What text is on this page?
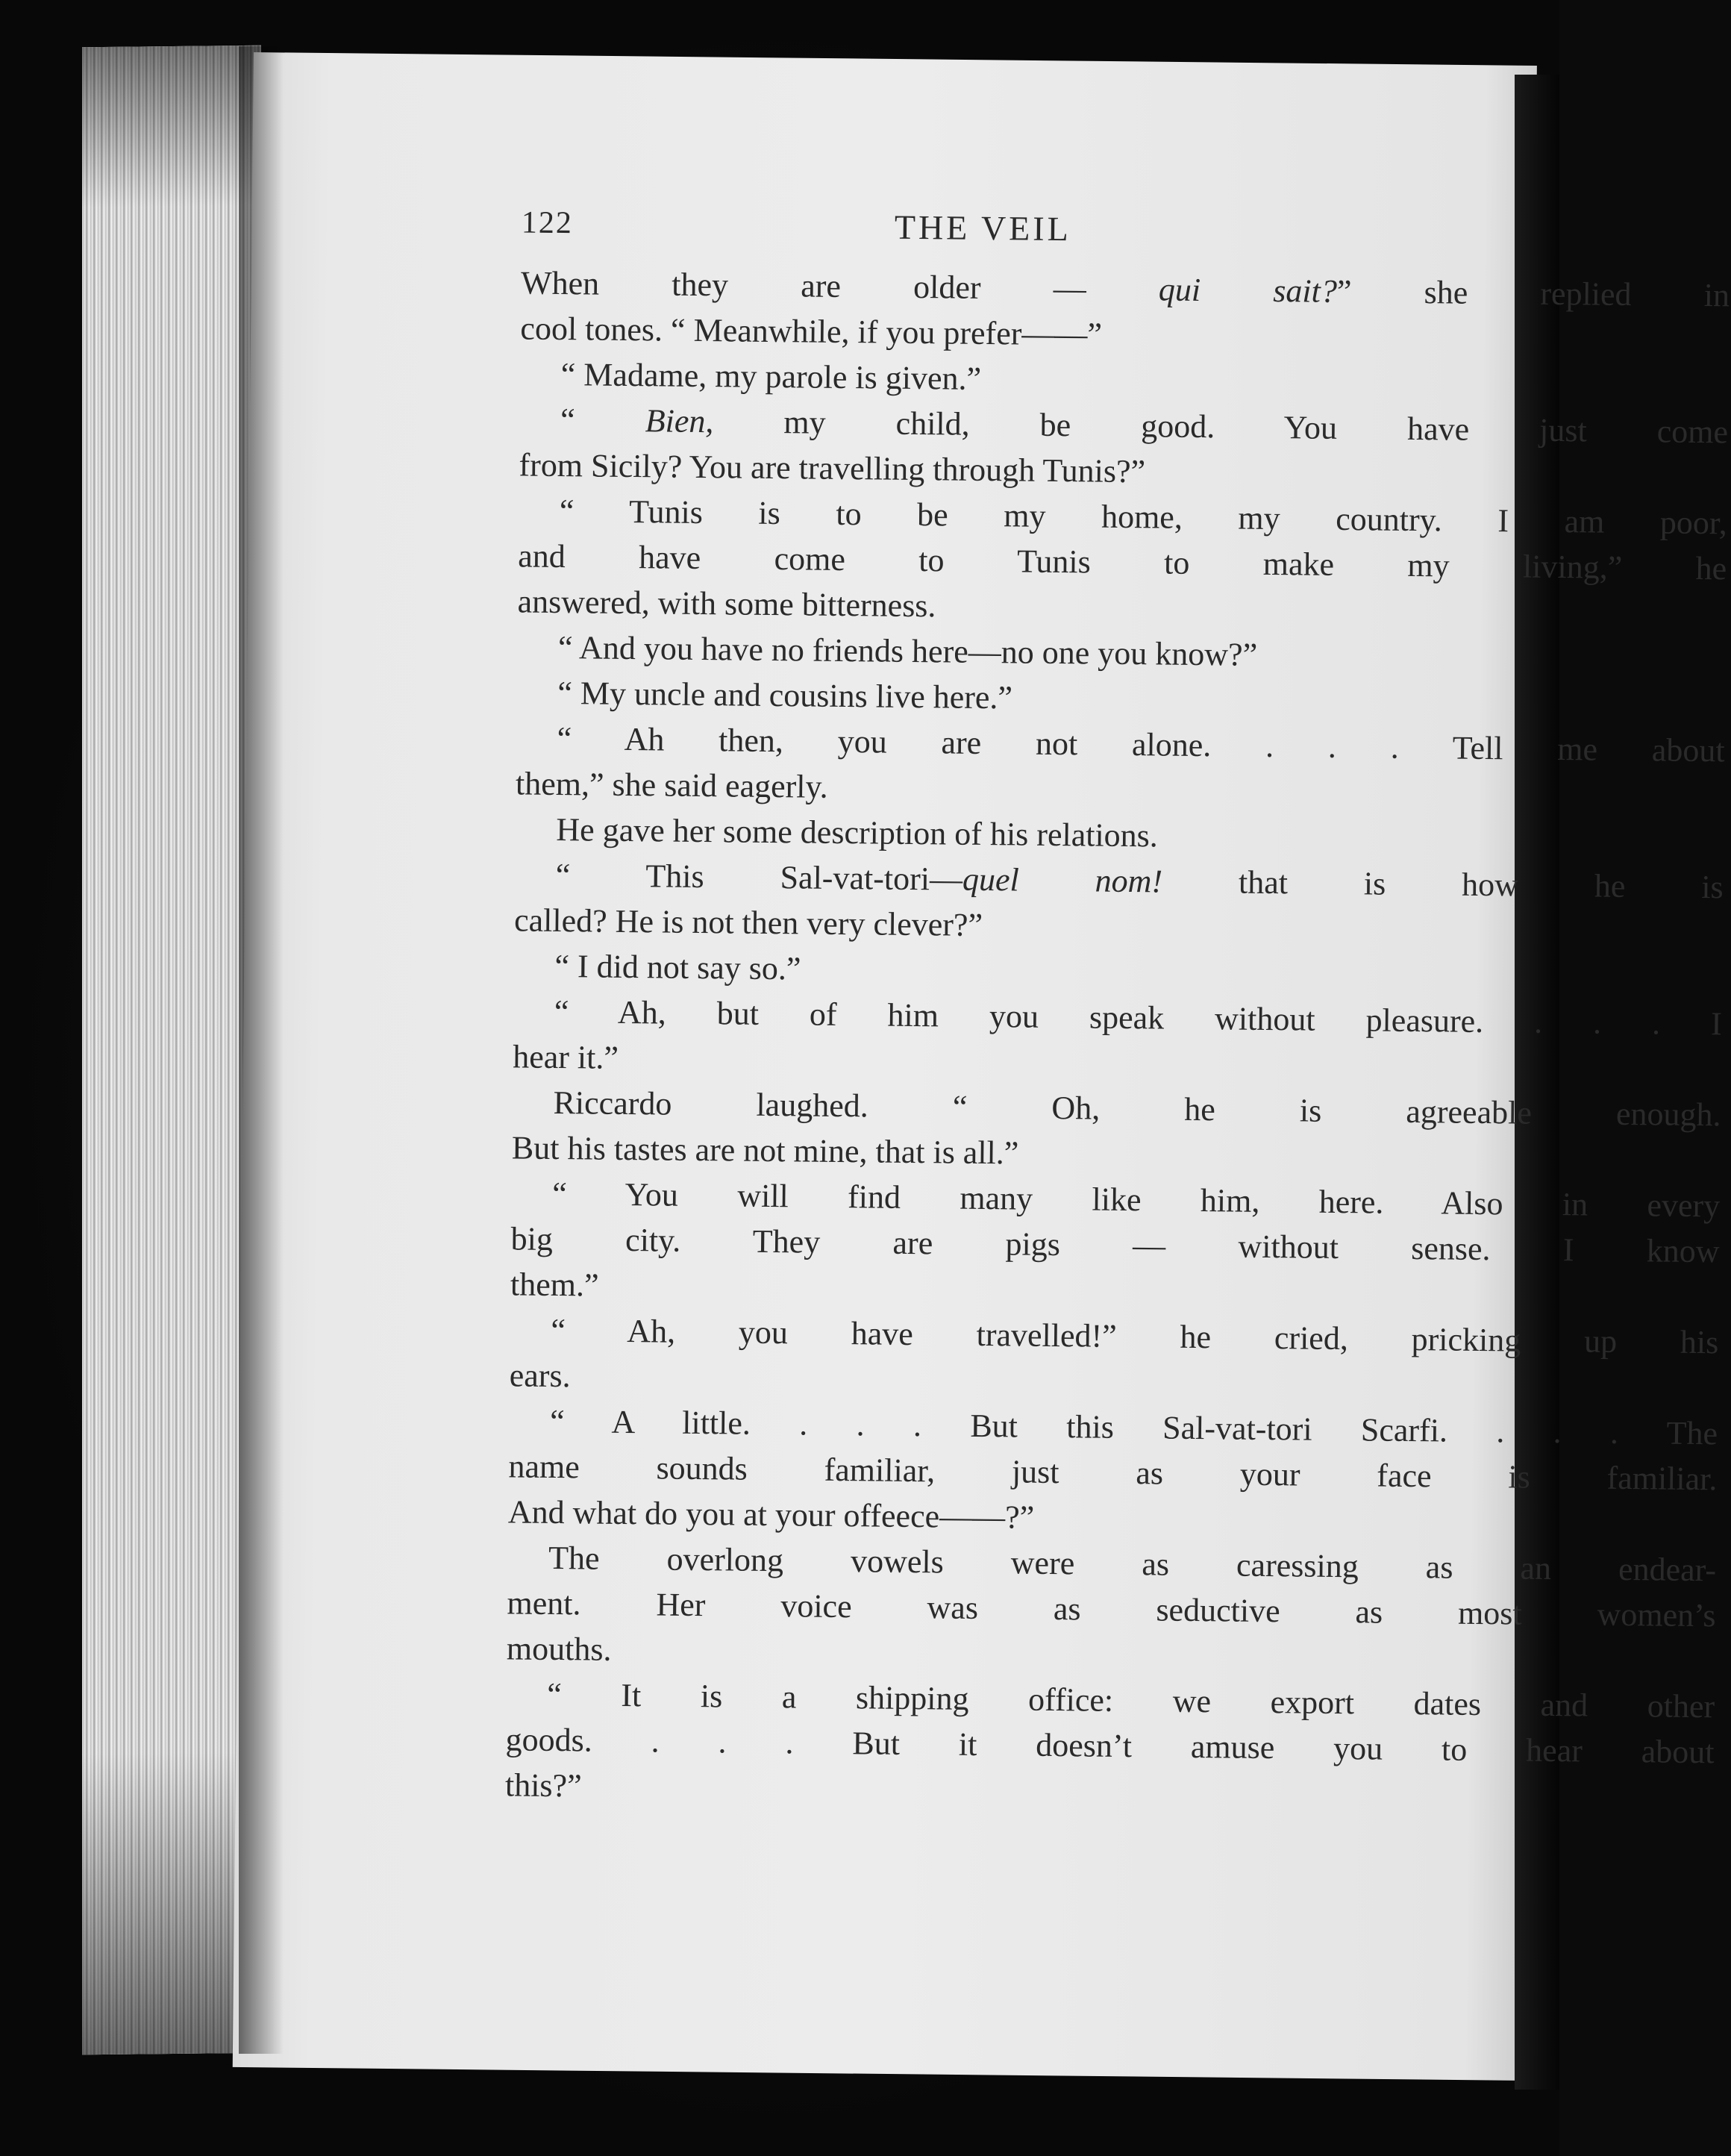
122	THE VEIL
When they are older — qui sait?” she replied in
cool tones. “ Meanwhile, if you prefer——”
“ Madame, my parole is given.”
“ Bien, my child, be good. You have just come
from Sicily? You are travelling through Tunis?”
“ Tunis is to be my home, my country. I am poor,
and have come to Tunis to make my living,” he
answered, with some bitterness.
“ And you have no friends here—no one you know?”
“ My uncle and cousins live here.”
“ Ah then, you are not alone. . . . Tell me about
them,” she said eagerly.
He gave her some description of his relations.
“ This Sal-vat-tori—quel nom! that is how he is
called? He is not then very clever?”
“ I did not say so.”
“ Ah, but of him you speak without pleasure. . . . I
hear it.”
Riccardo laughed. “ Oh, he is agreeable enough.
But his tastes are not mine, that is all.”
“ You will find many like him, here. Also in every
big city. They are pigs — without sense. I know
them.”
“ Ah, you have travelled!” he cried, pricking up his
ears.
“ A little. . . . But this Sal-vat-tori Scarfi. . . . The
name sounds familiar, just as your face is familiar.
And what do you at your offeece——?”
The overlong vowels were as caressing as an endear-
ment. Her voice was as seductive as most women’s
mouths.
“ It is a shipping office: we export dates and other
goods. . . . But it doesn’t amuse you to hear about
this?”
